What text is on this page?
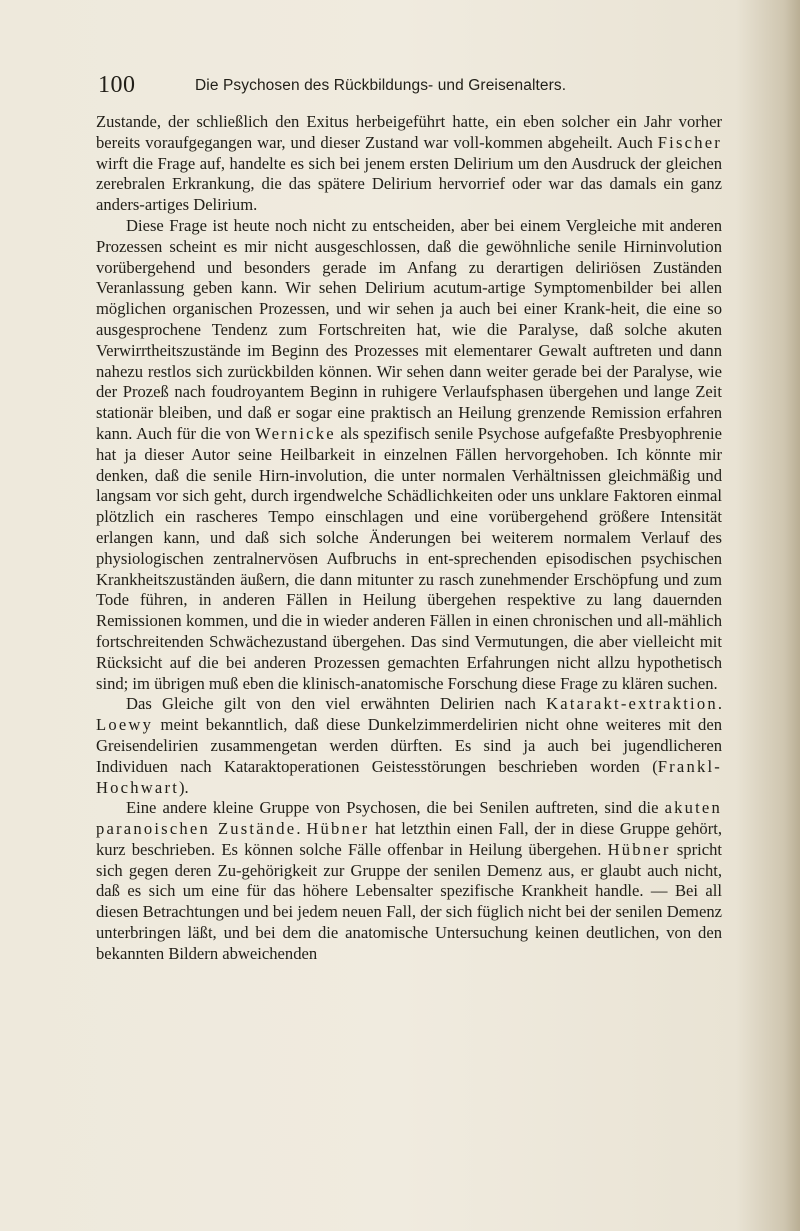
100	Die Psychosen des Rückbildungs- und Greisenalters.

Zustande, der schließlich den Exitus herbeigeführt hatte, ein eben solcher ein Jahr vorher bereits voraufgegangen war, und dieser Zustand war voll-kommen abgeheilt. Auch Fischer wirft die Frage auf, handelte es sich bei jenem ersten Delirium um den Ausdruck der gleichen zerebralen Erkrankung, die das spätere Delirium hervorrief oder war das damals ein ganz anders-artiges Delirium.

Diese Frage ist heute noch nicht zu entscheiden, aber bei einem Vergleiche mit anderen Prozessen scheint es mir nicht ausgeschlossen, daß die gewöhnliche senile Hirninvolution vorübergehend und besonders gerade im Anfang zu derartigen deliriösen Zuständen Veranlassung geben kann. Wir sehen Delirium acutum-artige Symptomenbilder bei allen möglichen organischen Prozessen, und wir sehen ja auch bei einer Krank-heit, die eine so ausgesprochene Tendenz zum Fortschreiten hat, wie die Paralyse, daß solche akuten Verwirrtheitszustände im Beginn des Prozesses mit elementarer Gewalt auftreten und dann nahezu restlos sich zurückbilden können. Wir sehen dann weiter gerade bei der Paralyse, wie der Prozeß nach foudroyantem Beginn in ruhigere Verlaufsphasen übergehen und lange Zeit stationär bleiben, und daß er sogar eine praktisch an Heilung grenzende Remission erfahren kann. Auch für die von Wernicke als spezifisch senile Psychose aufgefaßte Presbyophrenie hat ja dieser Autor seine Heilbarkeit in einzelnen Fällen hervorgehoben. Ich könnte mir denken, daß die senile Hirn-involution, die unter normalen Verhältnissen gleichmäßig und langsam vor sich geht, durch irgendwelche Schädlichkeiten oder uns unklare Faktoren einmal plötzlich ein rascheres Tempo einschlagen und eine vorübergehend größere Intensität erlangen kann, und daß sich solche Änderungen bei weiterem normalem Verlauf des physiologischen zentralnervösen Aufbruchs in ent-sprechenden episodischen psychischen Krankheitszuständen äußern, die dann mitunter zu rasch zunehmender Erschöpfung und zum Tode führen, in anderen Fällen in Heilung übergehen respektive zu lang dauernden Remissionen kommen, und die in wieder anderen Fällen in einen chronischen und all-mählich fortschreitenden Schwächezustand übergehen. Das sind Vermutungen, die aber vielleicht mit Rücksicht auf die bei anderen Prozessen gemachten Erfahrungen nicht allzu hypothetisch sind; im übrigen muß eben die klinisch-anatomische Forschung diese Frage zu klären suchen.

Das Gleiche gilt von den viel erwähnten Delirien nach Katarakt-extraktion. Loewy meint bekanntlich, daß diese Dunkelzimmerdelirien nicht ohne weiteres mit den Greisendelirien zusammengetan werden dürften. Es sind ja auch bei jugendlicheren Individuen nach Kataraktoperationen Geistesstörungen beschrieben worden (Frankl-Hochwart).

Eine andere kleine Gruppe von Psychosen, die bei Senilen auftreten, sind die akuten paranoischen Zustände. Hübner hat letzthin einen Fall, der in diese Gruppe gehört, kurz beschrieben. Es können solche Fälle offenbar in Heilung übergehen. Hübner spricht sich gegen deren Zu-gehörigkeit zur Gruppe der senilen Demenz aus, er glaubt auch nicht, daß es sich um eine für das höhere Lebensalter spezifische Krankheit handle. — Bei all diesen Betrachtungen und bei jedem neuen Fall, der sich füglich nicht bei der senilen Demenz unterbringen läßt, und bei dem die anatomische Untersuchung keinen deutlichen, von den bekannten Bildern abweichenden
